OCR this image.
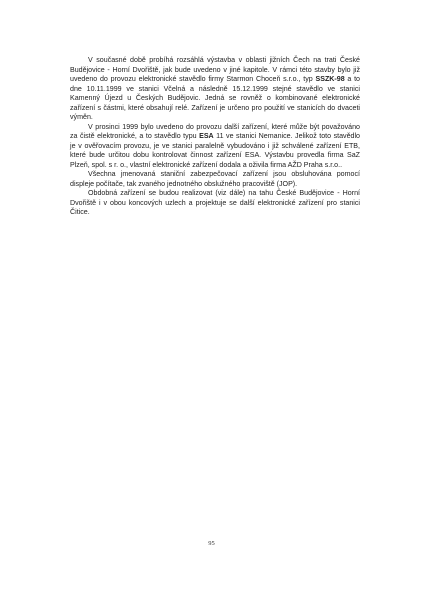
V současné době probíhá rozsáhlá výstavba v oblasti jižních Čech na trati České Budějovice - Horní Dvořiště, jak bude uvedeno v jiné kapitole. V rámci této stavby bylo již uvedeno do provozu elektronické stavědlo firmy Starmon Choceň s.r.o., typ SSZK-98 a to dne 10.11.1999 ve stanici Včelná a následně 15.12.1999 stejné stavědlo ve stanici Kamenný Újezd u Českých Budějovic. Jedná se rovněž o kombinované elektronické zařízení s částmi, které obsahují relé. Zařízení je určeno pro použití ve stanicích do dvaceti výměn.

V prosinci 1999 bylo uvedeno do provozu další zařízení, které může být považováno za čistě elektronické, a to stavědlo typu ESA 11 ve stanici Nemanice. Jelikož toto stavědlo je v ověřovacím provozu, je ve stanici paralelně vybudováno i již schválené zařízení ETB, které bude určitou dobu kontrolovat činnost zařízení ESA. Výstavbu provedla firma SaZ Plzeň, spol. s r. o., vlastní elektronické zařízení dodala a oživila firma AŽD Praha s.r.o..

Všechna jmenovaná staniční zabezpečovací zařízení jsou obsluhována pomocí displeje počítače, tak zvaného jednotného obslužného pracoviště (JOP).

Obdobná zařízení se budou realizovat (viz dále) na tahu České Budějovice - Horní Dvořiště i v obou koncových uzlech a projektuje se další elektronické zařízení pro stanici Čitice.

95
